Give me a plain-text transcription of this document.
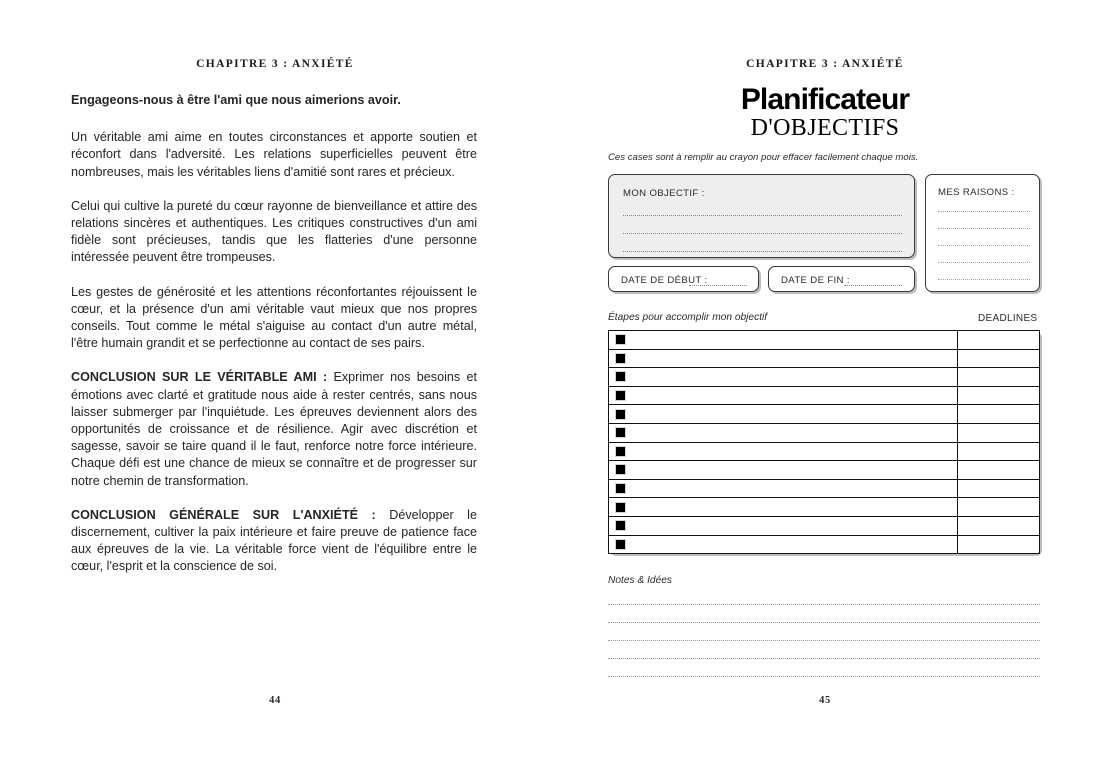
CHAPITRE 3 : ANXIÉTÉ

Engageons-nous à être l'ami que nous aimerions avoir.

Un véritable ami aime en toutes circonstances et apporte soutien et réconfort dans l'adversité. Les relations superficielles peuvent être nombreuses, mais les véritables liens d'amitié sont rares et précieux.

Celui qui cultive la pureté du cœur rayonne de bienveillance et attire des relations sincères et authentiques. Les critiques constructives d'un ami fidèle sont précieuses, tandis que les flatteries d'une personne intéressée peuvent être trompeuses.

Les gestes de générosité et les attentions réconfortantes réjouissent le cœur, et la présence d'un ami véritable vaut mieux que nos propres conseils. Tout comme le métal s'aiguise au contact d'un autre métal, l'être humain grandit et se perfectionne au contact de ses pairs.

CONCLUSION SUR LE VÉRITABLE AMI : Exprimer nos besoins et émotions avec clarté et gratitude nous aide à rester centrés, sans nous laisser submerger par l'inquiétude. Les épreuves deviennent alors des opportunités de croissance et de résilience. Agir avec discrétion et sagesse, savoir se taire quand il le faut, renforce notre force intérieure. Chaque défi est une chance de mieux se connaître et de progresser sur notre chemin de transformation.

CONCLUSION GÉNÉRALE SUR L'ANXIÉTÉ : Développer le discernement, cultiver la paix intérieure et faire preuve de patience face aux épreuves de la vie. La véritable force vient de l'équilibre entre le cœur, l'esprit et la conscience de soi.

44
CHAPITRE 3 : ANXIÉTÉ
Planificateur
D'OBJECTIFS
45
Ces cases sont à remplir au crayon pour effacer facilement chaque mois.
MON OBJECTIF :	MES RAISONS :
DATE DE DÉBUT :	DATE DE FIN :
Étapes pour accomplir mon objectif	DEADLINES

Notes & Idées
